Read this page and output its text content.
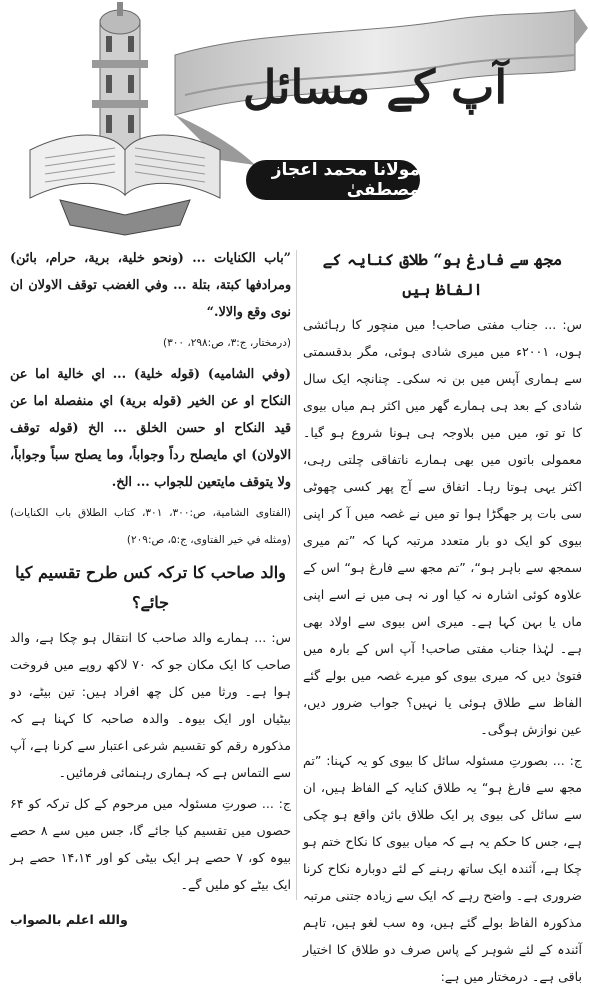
آپ کے مسائل
مولانا محمد اعجاز مصطفیٰ
مجھ سے فارغ ہو“ طلاق کنایہ کے الفاظ ہیں

س: ... جناب مفتی صاحب! میں منچور کا رہائشی ہوں، ۲۰۰۱ء میں میری شادی ہوئی، مگر بدقسمتی سے ہماری آپس میں بن نہ سکی۔ چنانچہ ایک سال شادی کے بعد ہی ہمارے گھر میں اکثر ہم میاں بیوی کا تو تو، میں میں بلاوجہ ہی ہونا شروع ہو گیا۔ معمولی باتوں میں بھی ہمارے ناتفاقی چلتی رہی، اکثر یہی ہوتا رہا۔ اتفاق سے آج پھر کسی چھوٹی سی بات پر جھگڑا ہوا تو میں نے غصہ میں آ کر اپنی بیوی کو ایک دو بار متعدد مرتبہ کہا کہ ”تم میری سمجھ سے باہر ہو“، ”تم مجھ سے فارغ ہو“ اس کے علاوہ کوئی اشارہ نہ کیا اور نہ ہی میں نے اسے اپنی ماں یا بہن کہا ہے۔ میری اس بیوی سے اولاد بھی ہے۔ لہٰذا جناب مفتی صاحب! آپ اس کے بارہ میں فتویٰ دیں کہ میری بیوی کو میرے غصہ میں بولے گئے الفاظ سے طلاق ہوئی یا نہیں؟ جواب ضرور دیں، عین نوازش ہوگی۔

ج: ... بصورتِ مسئولہ سائل کا بیوی کو یہ کہنا: ”تم مجھ سے فارغ ہو“ یہ طلاق کنایہ کے الفاظ ہیں، ان سے سائل کی بیوی پر ایک طلاق بائن واقع ہو چکی ہے، جس کا حکم یہ ہے کہ میاں بیوی کا نکاح ختم ہو چکا ہے، آئندہ ایک ساتھ رہنے کے لئے دوبارہ نکاح کرنا ضروری ہے۔ واضح رہے کہ ایک سے زیادہ جتنی مرتبہ مذکورہ الفاظ بولے گئے ہیں، وہ سب لغو ہیں، تاہم آئندہ کے لئے شوہر کے پاس صرف دو طلاق کا اختیار باقی ہے۔ درمختار میں ہے:

”باب الكنايات ... (ونحو خلية، برية، حرام، بائن) ومرادفها كبتة، بتلة ... وفي الغضب توقف الاولان ان نوى وقع والالا.“

(درمختار، ج:۳، ص:۲۹۸، ۳۰۰)

(وفي الشاميه) (قوله خلية) ... اي خالية اما عن النكاح او عن الخير (قوله برية) اي منفصلة اما عن قيد النكاح او حسن الخلق ... الخ (قوله توقف الاولان) اي مايصلح رداً وجواباً، وما يصلح سباً وجواباً، ولا يتوقف مايتعين للجواب ... الخ.

(الفتاوى الشامية، ص:۳۰۰، ۳۰۱، كتاب الطلاق باب الكنايات) (ومثله في خير الفتاوى، ج:۵، ص:۲۰۹)

والد صاحب کا ترکہ کس طرح تقسیم کیا جائے؟

س: ... ہمارے والد صاحب کا انتقال ہو چکا ہے، والد صاحب کا ایک مکان جو کہ ۷۰ لاکھ روپے میں فروخت ہوا ہے۔ ورثا میں کل چھ افراد ہیں: تین بیٹے، دو بیٹیاں اور ایک بیوہ۔ والدہ صاحبہ کا کہنا ہے کہ مذکورہ رقم کو تقسیم شرعی اعتبار سے کرنا ہے، آپ سے التماس ہے کہ ہماری رہنمائی فرمائیں۔

ج: ... صورتِ مسئولہ میں مرحوم کے کل ترکہ کو ۶۴ حصوں میں تقسیم کیا جائے گا، جس میں سے ۸ حصے بیوہ کو، ۷ حصے ہر ایک بیٹی کو اور ۱۴،۱۴ حصے ہر ایک بیٹے کو ملیں گے۔

والله اعلم بالصواب
